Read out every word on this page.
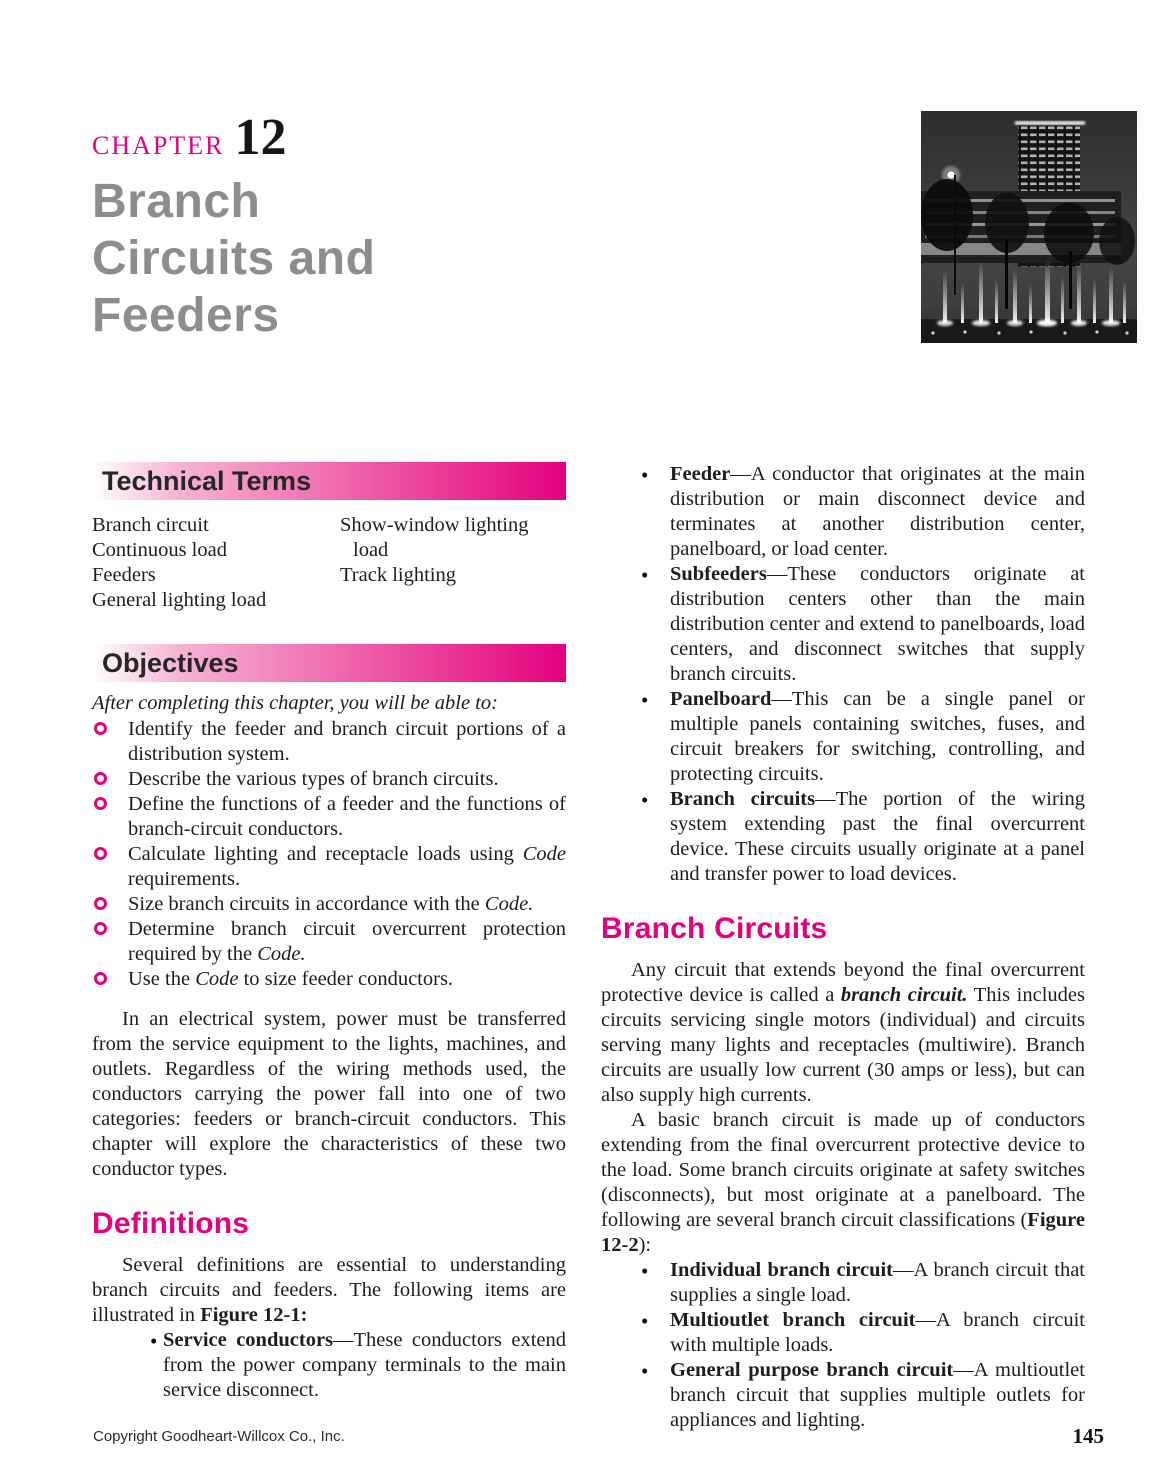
CHAPTER 12
Branch
Circuits and
Feeders
Technical Terms
Branch circuit
Continuous load
Feeders
General lighting load
Show-window lighting
load
Track lighting
Objectives
After completing this chapter, you will be able to:
Identify the feeder and branch circuit portions of a distribution system.
Describe the various types of branch circuits.
Define the functions of a feeder and the functions of branch-circuit conductors.
Calculate lighting and receptacle loads using Code requirements.
Size branch circuits in accordance with the Code.
Determine branch circuit overcurrent protection required by the Code.
Use the Code to size feeder conductors.

In an electrical system, power must be transferred from the service equipment to the lights, machines, and outlets. Regardless of the wiring methods used, the conductors carrying the power fall into one of two categories: feeders or branch-circuit conductors. This chapter will explore the characteristics of these two conductor types.

Definitions

Several definitions are essential to understanding branch circuits and feeders. The following items are illustrated in Figure 12-1:

• Service conductors—These conductors extend from the power company terminals to the main service disconnect.
• Feeder—A conductor that originates at the main distribution or main disconnect device and terminates at another distribution center, panelboard, or load center.
• Subfeeders—These conductors originate at distribution centers other than the main distribution center and extend to panelboards, load centers, and disconnect switches that supply branch circuits.
• Panelboard—This can be a single panel or multiple panels containing switches, fuses, and circuit breakers for switching, controlling, and protecting circuits.
• Branch circuits—The portion of the wiring system extending past the final overcurrent device. These circuits usually originate at a panel and transfer power to load devices.
Branch Circuits

Any circuit that extends beyond the final overcurrent protective device is called a branch circuit. This includes circuits servicing single motors (individual) and circuits serving many lights and receptacles (multiwire). Branch circuits are usually low current (30 amps or less), but can also supply high currents.

A basic branch circuit is made up of conductors extending from the final overcurrent protective device to the load. Some branch circuits originate at safety switches (disconnects), but most originate at a panelboard. The following are several branch circuit classifications (Figure 12-2):

• Individual branch circuit—A branch circuit that supplies a single load.
• Multioutlet branch circuit—A branch circuit with multiple loads.
• General purpose branch circuit—A multioutlet branch circuit that supplies multiple outlets for appliances and lighting.
Copyright Goodheart-Willcox Co., Inc.	145
